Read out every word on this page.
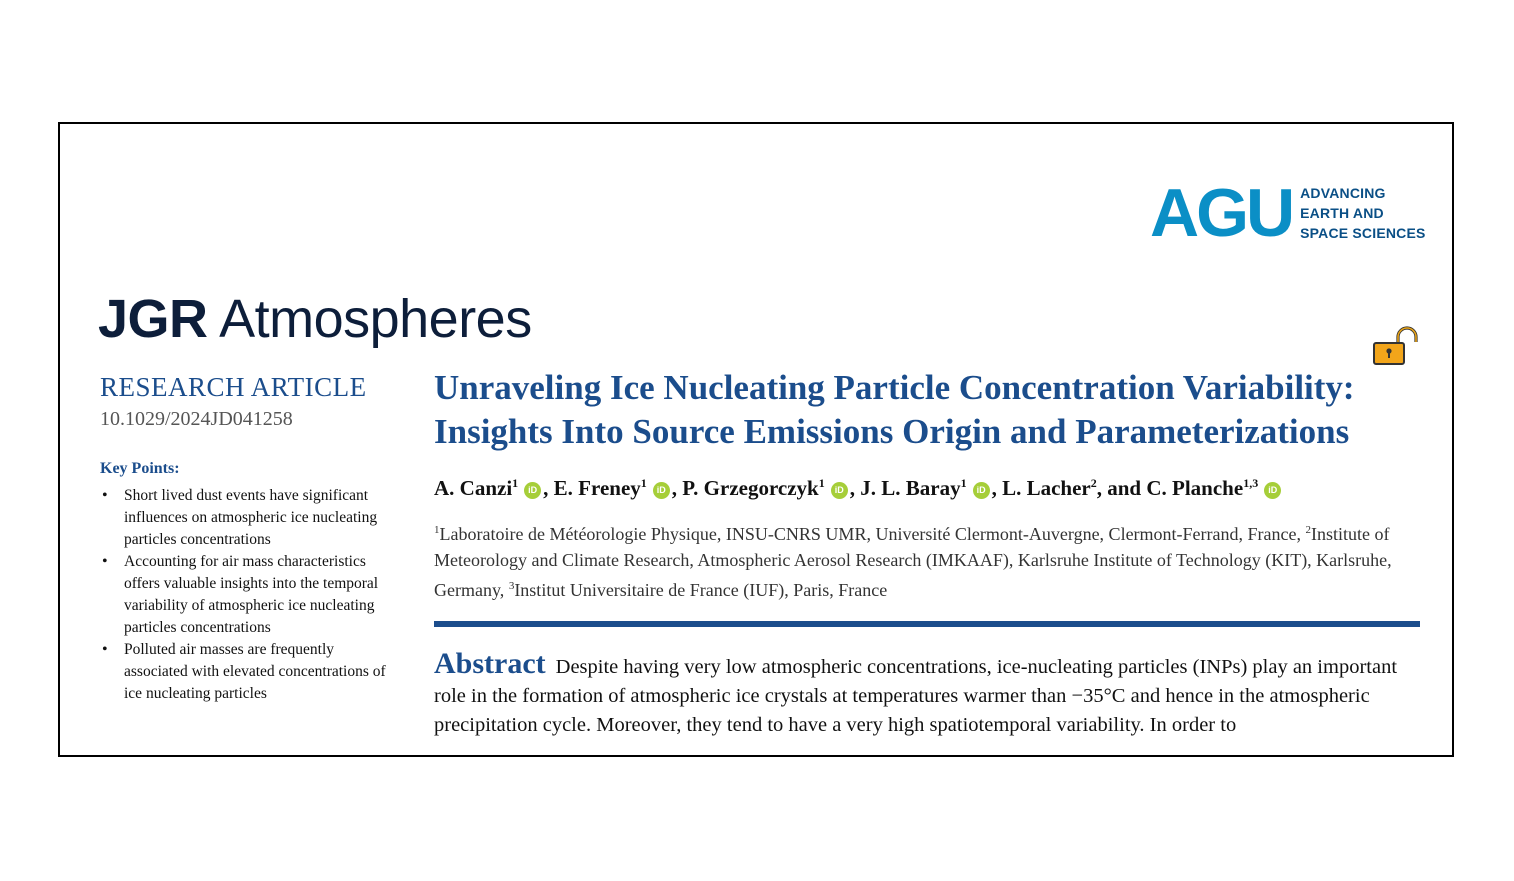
AGU ADVANCING
EARTH AND
SPACE SCIENCES
JGR Atmospheres
RESEARCH ARTICLE
10.1029/2024JD041258
Key Points:
• Short lived dust events have significant influences on atmospheric ice nucleating particles concentrations
• Accounting for air mass characteristics offers valuable insights into the temporal variability of atmospheric ice nucleating particles concentrations
• Polluted air masses are frequently associated with elevated concentrations of ice nucleating particles
Unraveling Ice Nucleating Particle Concentration Variability: Insights Into Source Emissions Origin and Parameterizations
A. Canzi$^1$ iD , E. Freney$^1$ iD , P. Grzegorczyk$^1$ iD , J. L. Baray$^1$ iD , L. Lacher$^2$, and C. Planche$^{1,3}$ iD
$^1$Laboratoire de Météorologie Physique, INSU-CNRS UMR, Université Clermont-Auvergne, Clermont-Ferrand, France, $^2$Institute of Meteorology and Climate Research, Atmospheric Aerosol Research (IMKAAF), Karlsruhe Institute of Technology (KIT), Karlsruhe, Germany, $^3$Institut Universitaire de France (IUF), Paris, France
Abstract Despite having very low atmospheric concentrations, ice-nucleating particles (INPs) play an important role in the formation of atmospheric ice crystals at temperatures warmer than −35°C and hence in the atmospheric precipitation cycle. Moreover, they tend to have a very high spatiotemporal variability. In order to
